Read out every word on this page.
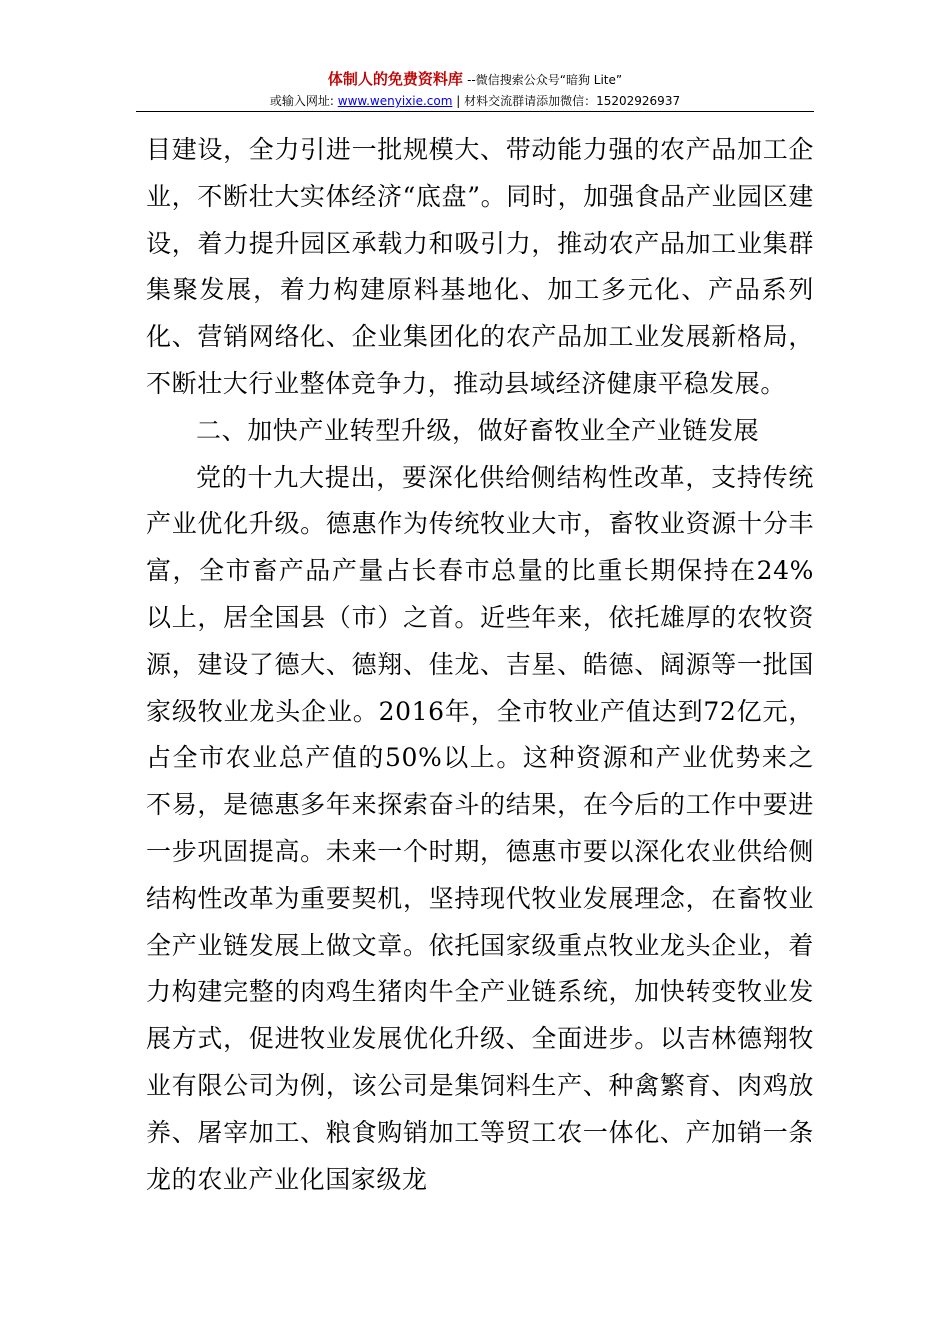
体制人的免费资料库 --微信搜索公众号“暗狗 Lite”
或输入网址: www.wenyixie.com | 材料交流群请添加微信：15202926937

目建设，全力引进一批规模大、带动能力强的农产品加工企业，不断壮大实体经济“底盘”。同时，加强食品产业园区建设，着力提升园区承载力和吸引力，推动农产品加工业集群集聚发展，着力构建原料基地化、加工多元化、产品系列化、营销网络化、企业集团化的农产品加工业发展新格局，不断壮大行业整体竞争力，推动县域经济健康平稳发展。

二、加快产业转型升级，做好畜牧业全产业链发展

党的十九大提出，要深化供给侧结构性改革，支持传统产业优化升级。德惠作为传统牧业大市，畜牧业资源十分丰富，全市畜产品产量占长春市总量的比重长期保持在24%以上，居全国县（市）之首。近些年来，依托雄厚的农牧资源，建设了德大、德翔、佳龙、吉星、皓德、阔源等一批国家级牧业龙头企业。2016年，全市牧业产值达到72亿元，占全市农业总产值的50%以上。这种资源和产业优势来之不易，是德惠多年来探索奋斗的结果，在今后的工作中要进一步巩固提高。未来一个时期，德惠市要以深化农业供给侧结构性改革为重要契机，坚持现代牧业发展理念，在畜牧业全产业链发展上做文章。依托国家级重点牧业龙头企业，着力构建完整的肉鸡生猪肉牛全产业链系统，加快转变牧业发展方式，促进牧业发展优化升级、全面进步。以吉林德翔牧业有限公司为例，该公司是集饲料生产、种禽繁育、肉鸡放养、屠宰加工、粮食购销加工等贸工农一体化、产加销一条龙的农业产业化国家级龙
